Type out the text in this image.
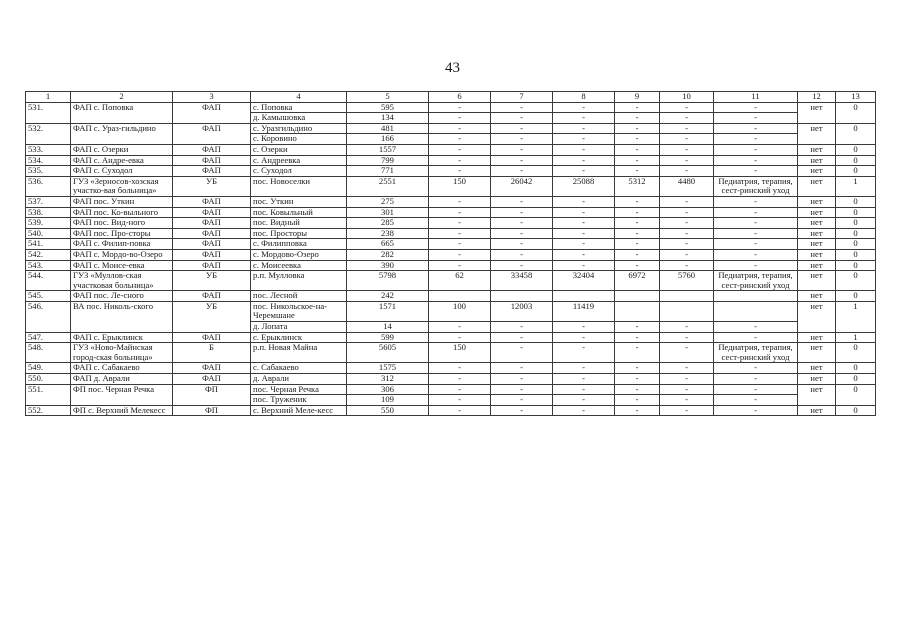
43
1	2	3	4	5	6	7	8	9	10	11	12	13
531.	ФАП с. Поповка	ФАП	с. Поповка	595	-	-	-	-	-	-	нет	0
			д. Камышовка	134	-	-	-	-	-	-		
532.	ФАП с. Ураз-гильдино	ФАП	с. Уразгильдино	481	-	-	-	-	-	-	нет	0
			с. Коровино	166	-	-	-	-	-	-		
533.	ФАП с. Озерки	ФАП	с. Озерки	1557	-	-	-	-	-	-	нет	0
534.	ФАП с. Андре-евка	ФАП	с. Андреевка	799	-	-	-	-	-	-	нет	0
535.	ФАП с. Суходол	ФАП	с. Суходол	771	-	-	-	-	-	-	нет	0
536.	ГУЗ «Зерносов-хозская участко-вая больница»	УБ	пос. Новоселки	2551	150	26042	25088	5312	4480	Педиатрия, терапия, сест-ринский уход	нет	1
537.	ФАП пос. Уткин	ФАП	пос. Уткин	275	-	-	-	-	-	-	нет	0
538.	ФАП пос. Ко-выльного	ФАП	пос. Ковыльный	301	-	-	-	-	-	-	нет	0
539.	ФАП пос. Вид-ного	ФАП	пос. Видный	285	-	-	-	-	-	-	нет	0
540.	ФАП пос. Про-сторы	ФАП	пос. Просторы	238	-	-	-	-	-	-	нет	0
541.	ФАП с. Филип-повка	ФАП	с. Филипповка	665	-	-	-	-	-	-	нет	0
542.	ФАП с. Мордо-во-Озеро	ФАП	с. Мордово-Озеро	282	-	-	-	-	-	-	нет	0
543.	ФАП с. Моисе-евка	ФАП	с. Моисеевка	390	-	-	-	-	-	-	нет	0
544.	ГУЗ «Муллов-ская участковая больница»	УБ	р.п. Мулловка	5798	62	33458	32404	6972	5760	Педиатрия, терапия, сест-ринский уход	нет	0
545.	ФАП пос. Ле-сного	ФАП	пос. Лесной	242							нет	0
546.	ВА пос. Николь-ского	УБ	пос. Никольское-на-Черемшане	1571	100	12003	11419				нет	1
			д. Лопата	14	-	-	-	-	-	-		
547.	ФАП с. Ерыклинск	ФАП	с. Ерыклинск	599	-	-	-	-	-	-	нет	1
548.	ГУЗ «Ново-Майнская город-ская больница»	Б	р.п. Новая Майна	5605	150	-	-	-	-	Педиатрия, терапия, сест-ринский уход	нет	0
549.	ФАП с. Сабакаево	ФАП	с. Сабакаево	1575	-	-	-	-	-	-	нет	0
550.	ФАП д. Аврали	ФАП	д. Аврали	312	-	-	-	-	-	-	нет	0
551.	ФП пос. Черная Речка	ФП	пос. Черная Речка	306	-	-	-	-	-	-	нет	0
			пос. Труженик	109	-	-	-	-	-	-		
552.	ФП с. Верхний Мелекесс	ФП	с. Верхний Меле-кесс	550	-	-	-	-	-	-	нет	0
